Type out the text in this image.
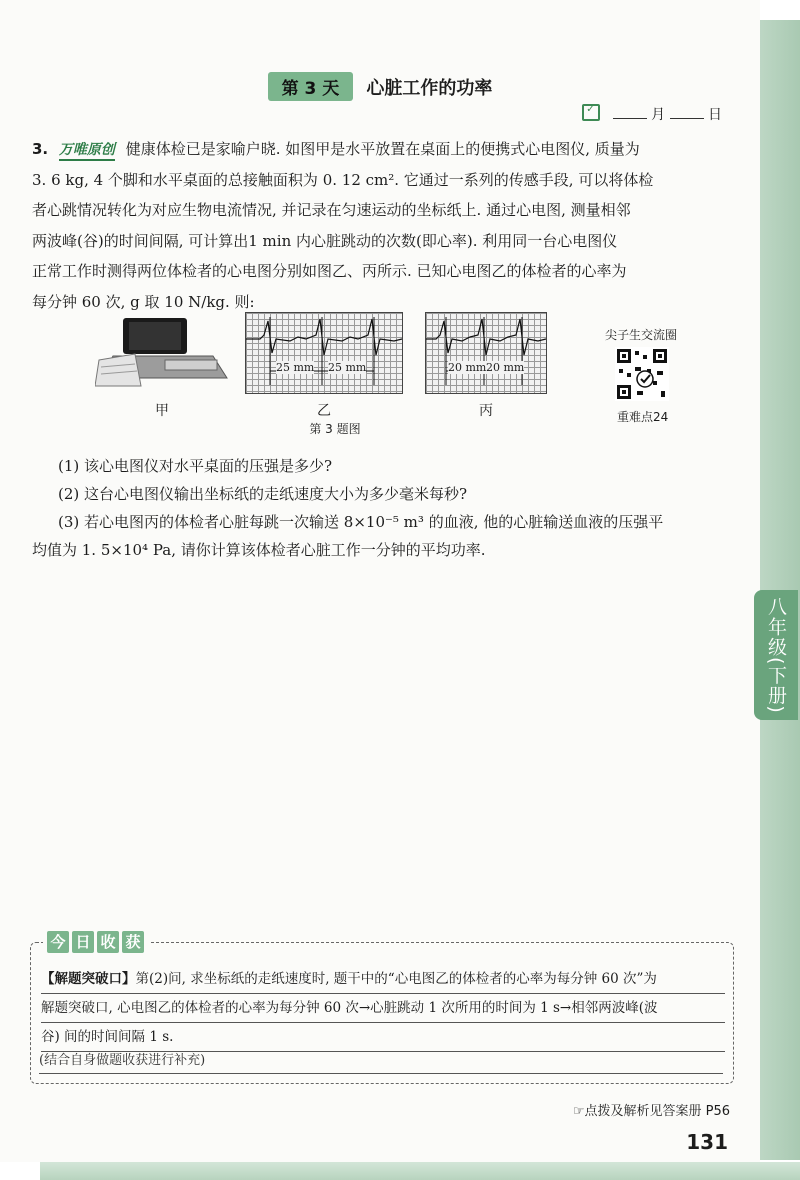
八年级(下册)
第 3 天 心脏工作的功率
✓  月	日
3. 万唯原创 健康体检已是家喻户晓. 如图甲是水平放置在桌面上的便携式心电图仪, 质量为
3. 6 kg, 4 个脚和水平桌面的总接触面积为 0. 12 cm². 它通过一系列的传感手段, 可以将体检
者心跳情况转化为对应生物电流情况, 并记录在匀速运动的坐标纸上. 通过心电图, 测量相邻
两波峰(谷)的时间间隔, 可计算出1 min 内心脏跳动的次数(即心率). 利用同一台心电图仪
正常工作时测得两位体检者的心电图分别如图乙、丙所示. 已知心电图乙的体检者的心率为
每分钟 60 次, g 取 10 N/kg. 则:
甲
25 mm 25 mm
乙
20 mm 20 mm
丙
第 3 题图
尖子生交流圈
重难点24
(1) 该心电图仪对水平桌面的压强是多少?
(2) 这台心电图仪输出坐标纸的走纸速度大小为多少毫米每秒?
(3) 若心电图丙的体检者心脏每跳一次输送 8×10⁻⁵ m³ 的血液, 他的心脏输送血液的压强平
均值为 1. 5×10⁴ Pa, 请你计算该体检者心脏工作一分钟的平均功率.
今 日 收 获
【解题突破口】第(2)问, 求坐标纸的走纸速度时, 题干中的“心电图乙的体检者的心率为每分钟 60 次”为
解题突破口, 心电图乙的体检者的心率为每分钟 60 次→心脏跳动 1 次所用的时间为 1 s→相邻两波峰(波
谷) 间的时间间隔 1 s.
(结合自身做题收获进行补充)
☞点拨及解析见答案册 P56
131
